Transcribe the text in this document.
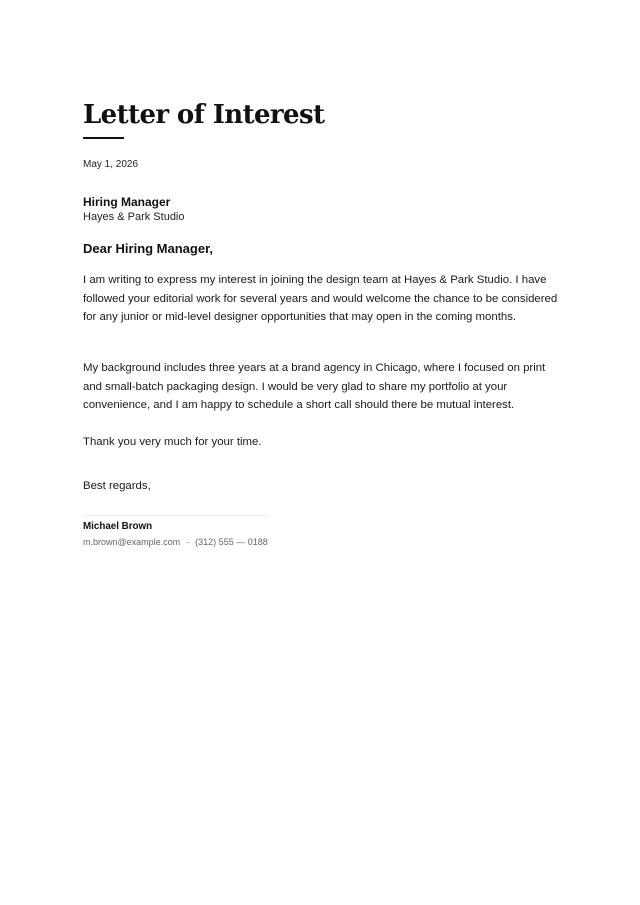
Letter of Interest
May 1, 2026
Hiring Manager
Hayes & Park Studio
Dear Hiring Manager,

I am writing to express my interest in joining the design team at Hayes & Park Studio. I have followed your editorial work for several years and would welcome the chance to be considered for any junior or mid-level designer opportunities that may open in the coming months.

My background includes three years at a brand agency in Chicago, where I focused on print and small-batch packaging design. I would be very glad to share my portfolio at your convenience, and I am happy to schedule a short call should there be mutual interest.

Thank you very much for your time.

Best regards,
Michael Brown
m.brown@example.com · (312) 555 — 0188
